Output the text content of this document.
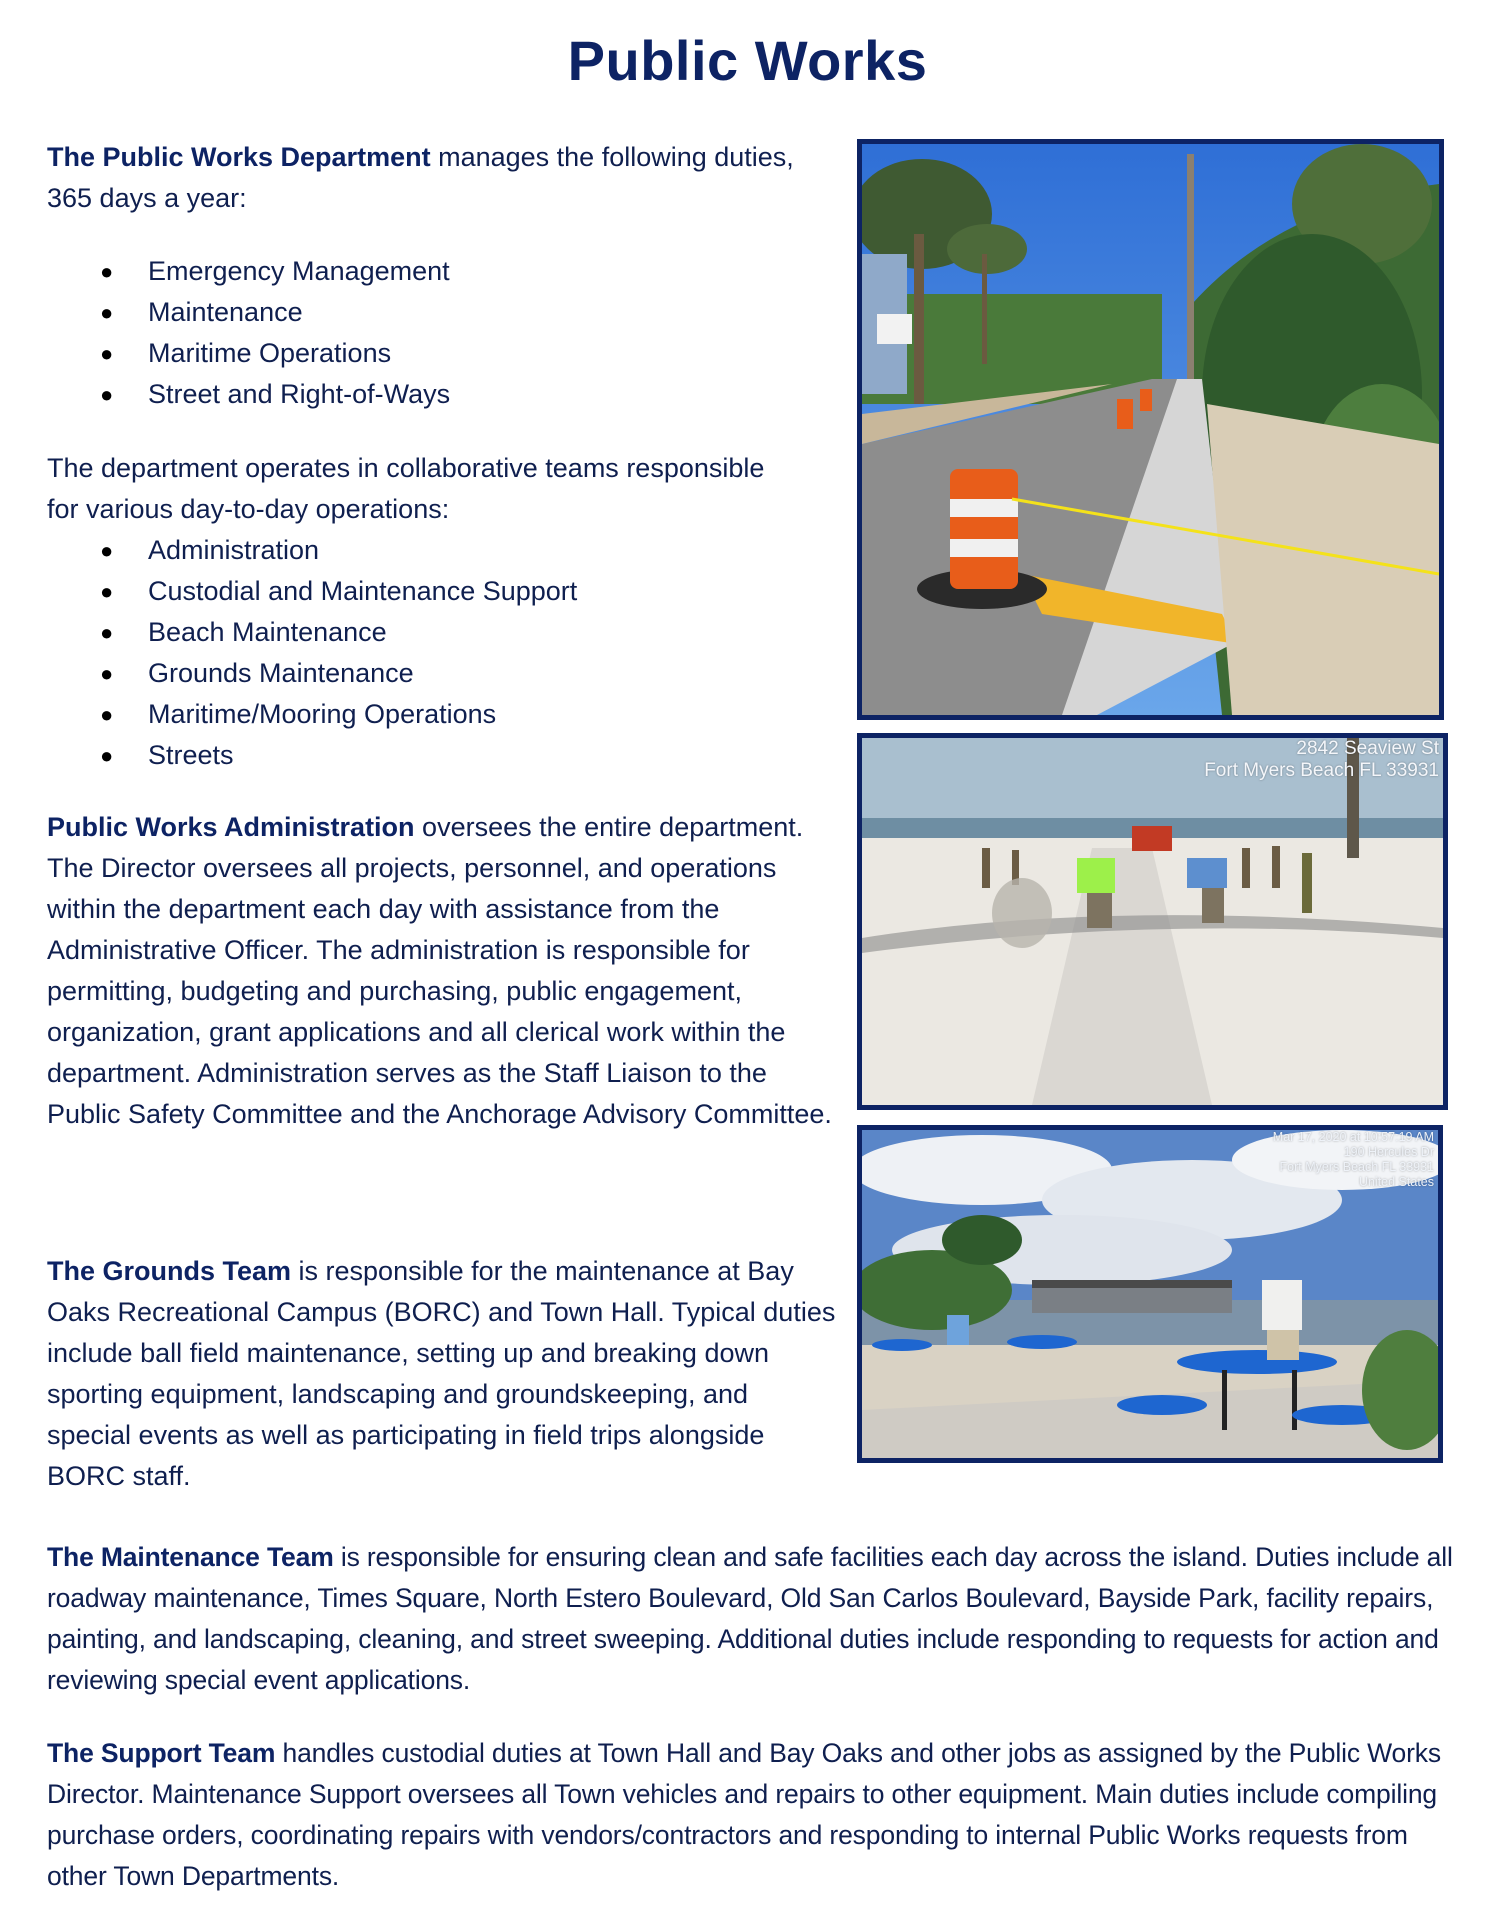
Public Works

The Public Works Department manages the following duties, 365 days a year:

● Emergency Management
● Maintenance
● Maritime Operations
● Street and Right-of-Ways

The department operates in collaborative teams responsible for various day-to-day operations:

● Administration
● Custodial and Maintenance Support
● Beach Maintenance
● Grounds Maintenance
● Maritime/Mooring Operations
● Streets

Public Works Administration oversees the entire department. The Director oversees all projects, personnel, and operations within the department each day with assistance from the Administrative Officer. The administration is responsible for permitting, budgeting and purchasing, public engagement, organization, grant applications and all clerical work within the department. Administration serves as the Staff Liaison to the Public Safety Committee and the Anchorage Advisory Committee.

The Grounds Team is responsible for the maintenance at Bay Oaks Recreational Campus (BORC) and Town Hall. Typical duties include ball field maintenance, setting up and breaking down sporting equipment, landscaping and groundskeeping, and special events as well as participating in field trips alongside BORC staff.

The Maintenance Team is responsible for ensuring clean and safe facilities each day across the island. Duties include all roadway maintenance, Times Square, North Estero Boulevard, Old San Carlos Boulevard, Bayside Park, facility repairs, painting, and landscaping, cleaning, and street sweeping. Additional duties include responding to requests for action and reviewing special event applications.

The Support Team handles custodial duties at Town Hall and Bay Oaks and other jobs as assigned by the Public Works Director. Maintenance Support oversees all Town vehicles and repairs to other equipment. Main duties include compiling purchase orders, coordinating repairs with vendors/contractors and responding to internal Public Works requests from other Town Departments.

2842 Seaview St
Fort Myers Beach FL 33931
Mar 17, 2020 at 10:57:19 AM
190 Hercules Dr
Fort Myers Beach FL 33931
United States
